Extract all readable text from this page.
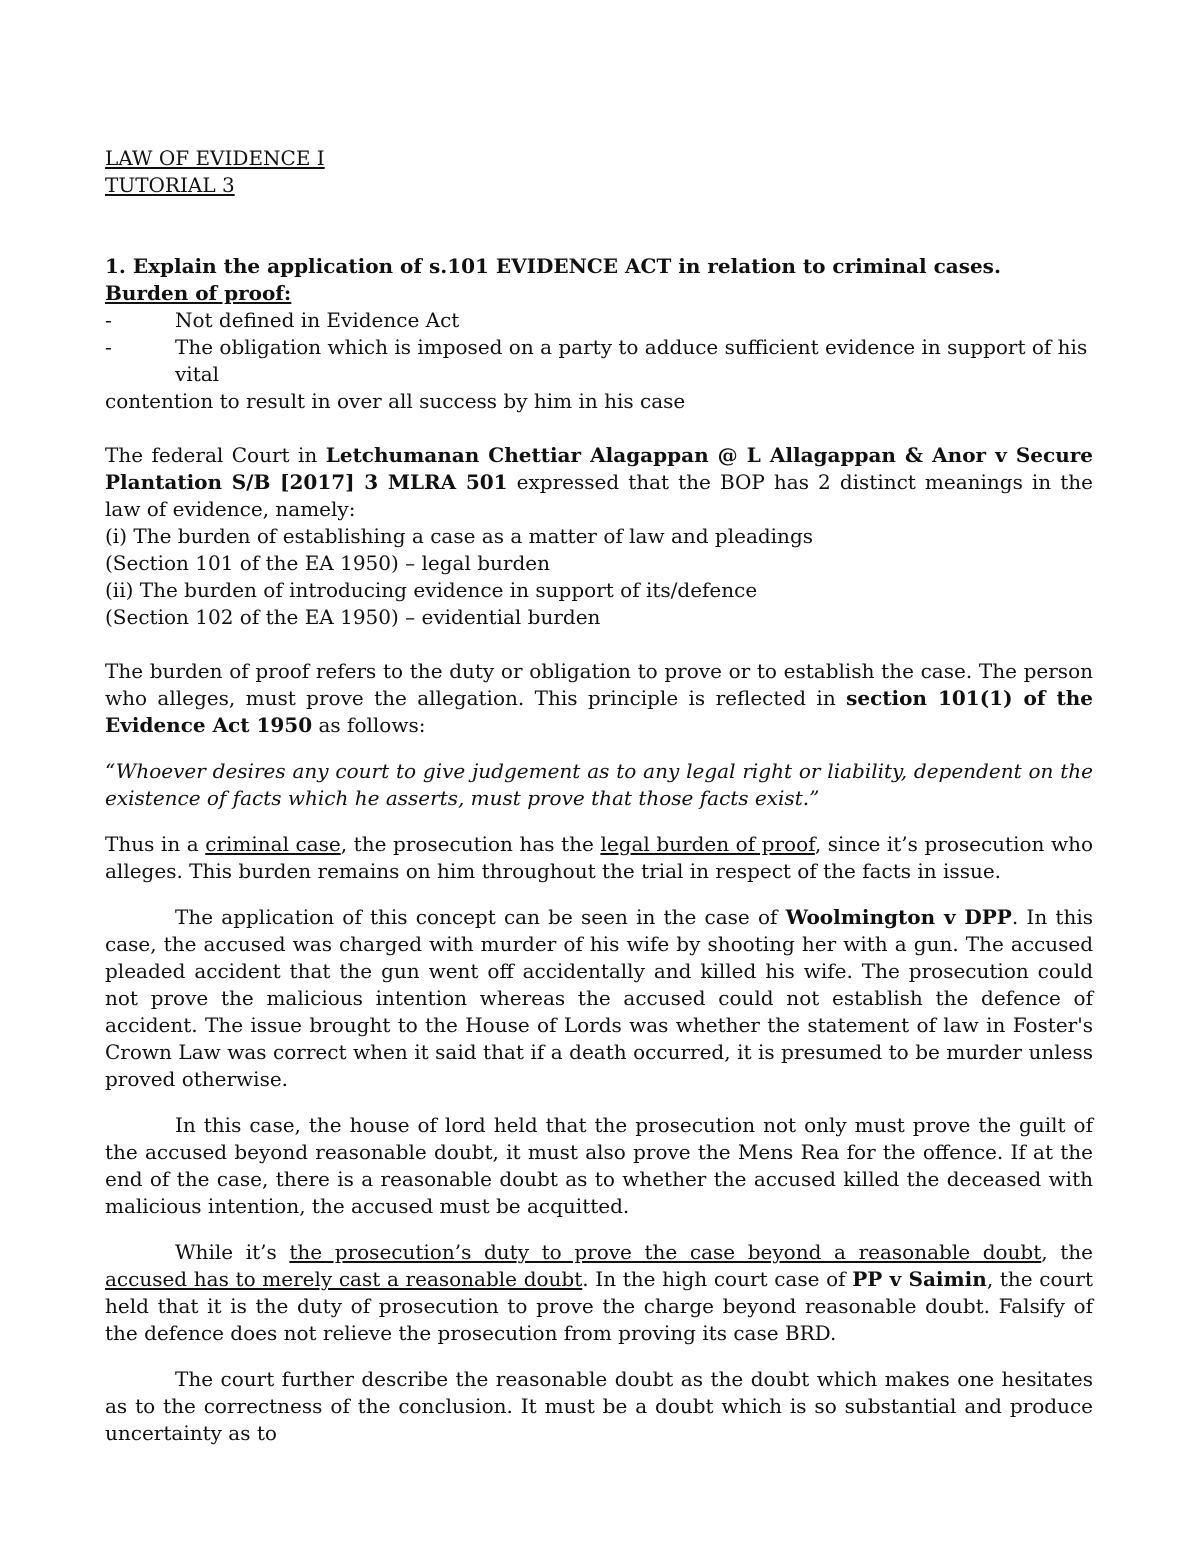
LAW OF EVIDENCE I

TUTORIAL 3

1. Explain the application of s.101 EVIDENCE ACT in relation to criminal cases.

Burden of proof:

-	Not defined in Evidence Act
-	The obligation which is imposed on a party to adduce sufficient evidence in support of his vital

contention to result in over all success by him in his case

The federal Court in Letchumanan Chettiar Alagappan @ L Allagappan & Anor v Secure Plantation S/B [2017] 3 MLRA 501 expressed that the BOP has 2 distinct meanings in the law of evidence, namely:

(i) The burden of establishing a case as a matter of law and pleadings

(Section 101 of the EA 1950) – legal burden

(ii) The burden of introducing evidence in support of its/defence

(Section 102 of the EA 1950) – evidential burden

The burden of proof refers to the duty or obligation to prove or to establish the case. The person who alleges, must prove the allegation. This principle is reflected in section 101(1) of the Evidence Act 1950 as follows:

“Whoever desires any court to give judgement as to any legal right or liability, dependent on the existence of facts which he asserts, must prove that those facts exist.”

Thus in a criminal case, the prosecution has the legal burden of proof, since it’s prosecution who alleges. This burden remains on him throughout the trial in respect of the facts in issue.

The application of this concept can be seen in the case of Woolmington v DPP. In this case, the accused was charged with murder of his wife by shooting her with a gun. The accused pleaded accident that the gun went off accidentally and killed his wife. The prosecution could not prove the malicious intention whereas the accused could not establish the defence of accident. The issue brought to the House of Lords was whether the statement of law in Foster's Crown Law was correct when it said that if a death occurred, it is presumed to be murder unless proved otherwise.

In this case, the house of lord held that the prosecution not only must prove the guilt of the accused beyond reasonable doubt, it must also prove the Mens Rea for the offence. If at the end of the case, there is a reasonable doubt as to whether the accused killed the deceased with malicious intention, the accused must be acquitted.

While it’s the prosecution’s duty to prove the case beyond a reasonable doubt, the accused has to merely cast a reasonable doubt. In the high court case of PP v Saimin, the court held that it is the duty of prosecution to prove the charge beyond reasonable doubt. Falsify of the defence does not relieve the prosecution from proving its case BRD.

The court further describe the reasonable doubt as the doubt which makes one hesitates as to the correctness of the conclusion. It must be a doubt which is so substantial and produce uncertainty as to
